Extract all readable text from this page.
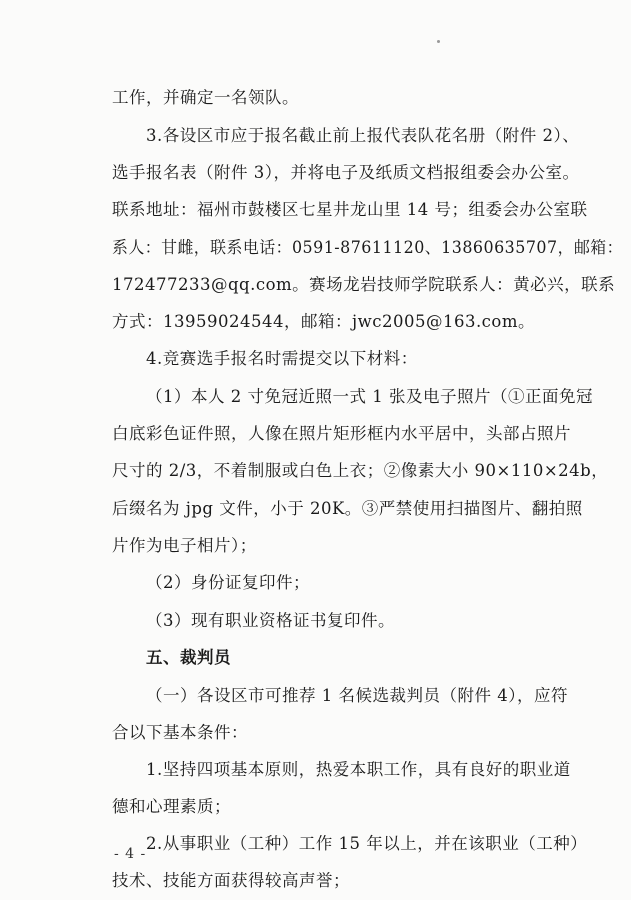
工作，并确定一名领队。
3.各设区市应于报名截止前上报代表队花名册（附件 2）、
选手报名表（附件 3），并将电子及纸质文档报组委会办公室。
联系地址：福州市鼓楼区七星井龙山里 14 号；组委会办公室联
系人：甘雌，联系电话：0591-87611120、13860635707，邮箱：
172477233@qq.com。赛场龙岩技师学院联系人：黄必兴，联系
方式：13959024544，邮箱：jwc2005@163.com。
4.竞赛选手报名时需提交以下材料：
（1）本人 2 寸免冠近照一式 1 张及电子照片（①正面免冠
白底彩色证件照，人像在照片矩形框内水平居中，头部占照片
尺寸的 2/3，不着制服或白色上衣；②像素大小 90×110×24b，
后缀名为 jpg 文件，小于 20K。③严禁使用扫描图片、翻拍照
片作为电子相片）；
（2）身份证复印件；
（3）现有职业资格证书复印件。
五、裁判员
（一）各设区市可推荐 1 名候选裁判员（附件 4），应符
合以下基本条件：
1.坚持四项基本原则，热爱本职工作，具有良好的职业道
德和心理素质；
2.从事职业（工种）工作 15 年以上，并在该职业（工种）
技术、技能方面获得较高声誉；
- 4 -
